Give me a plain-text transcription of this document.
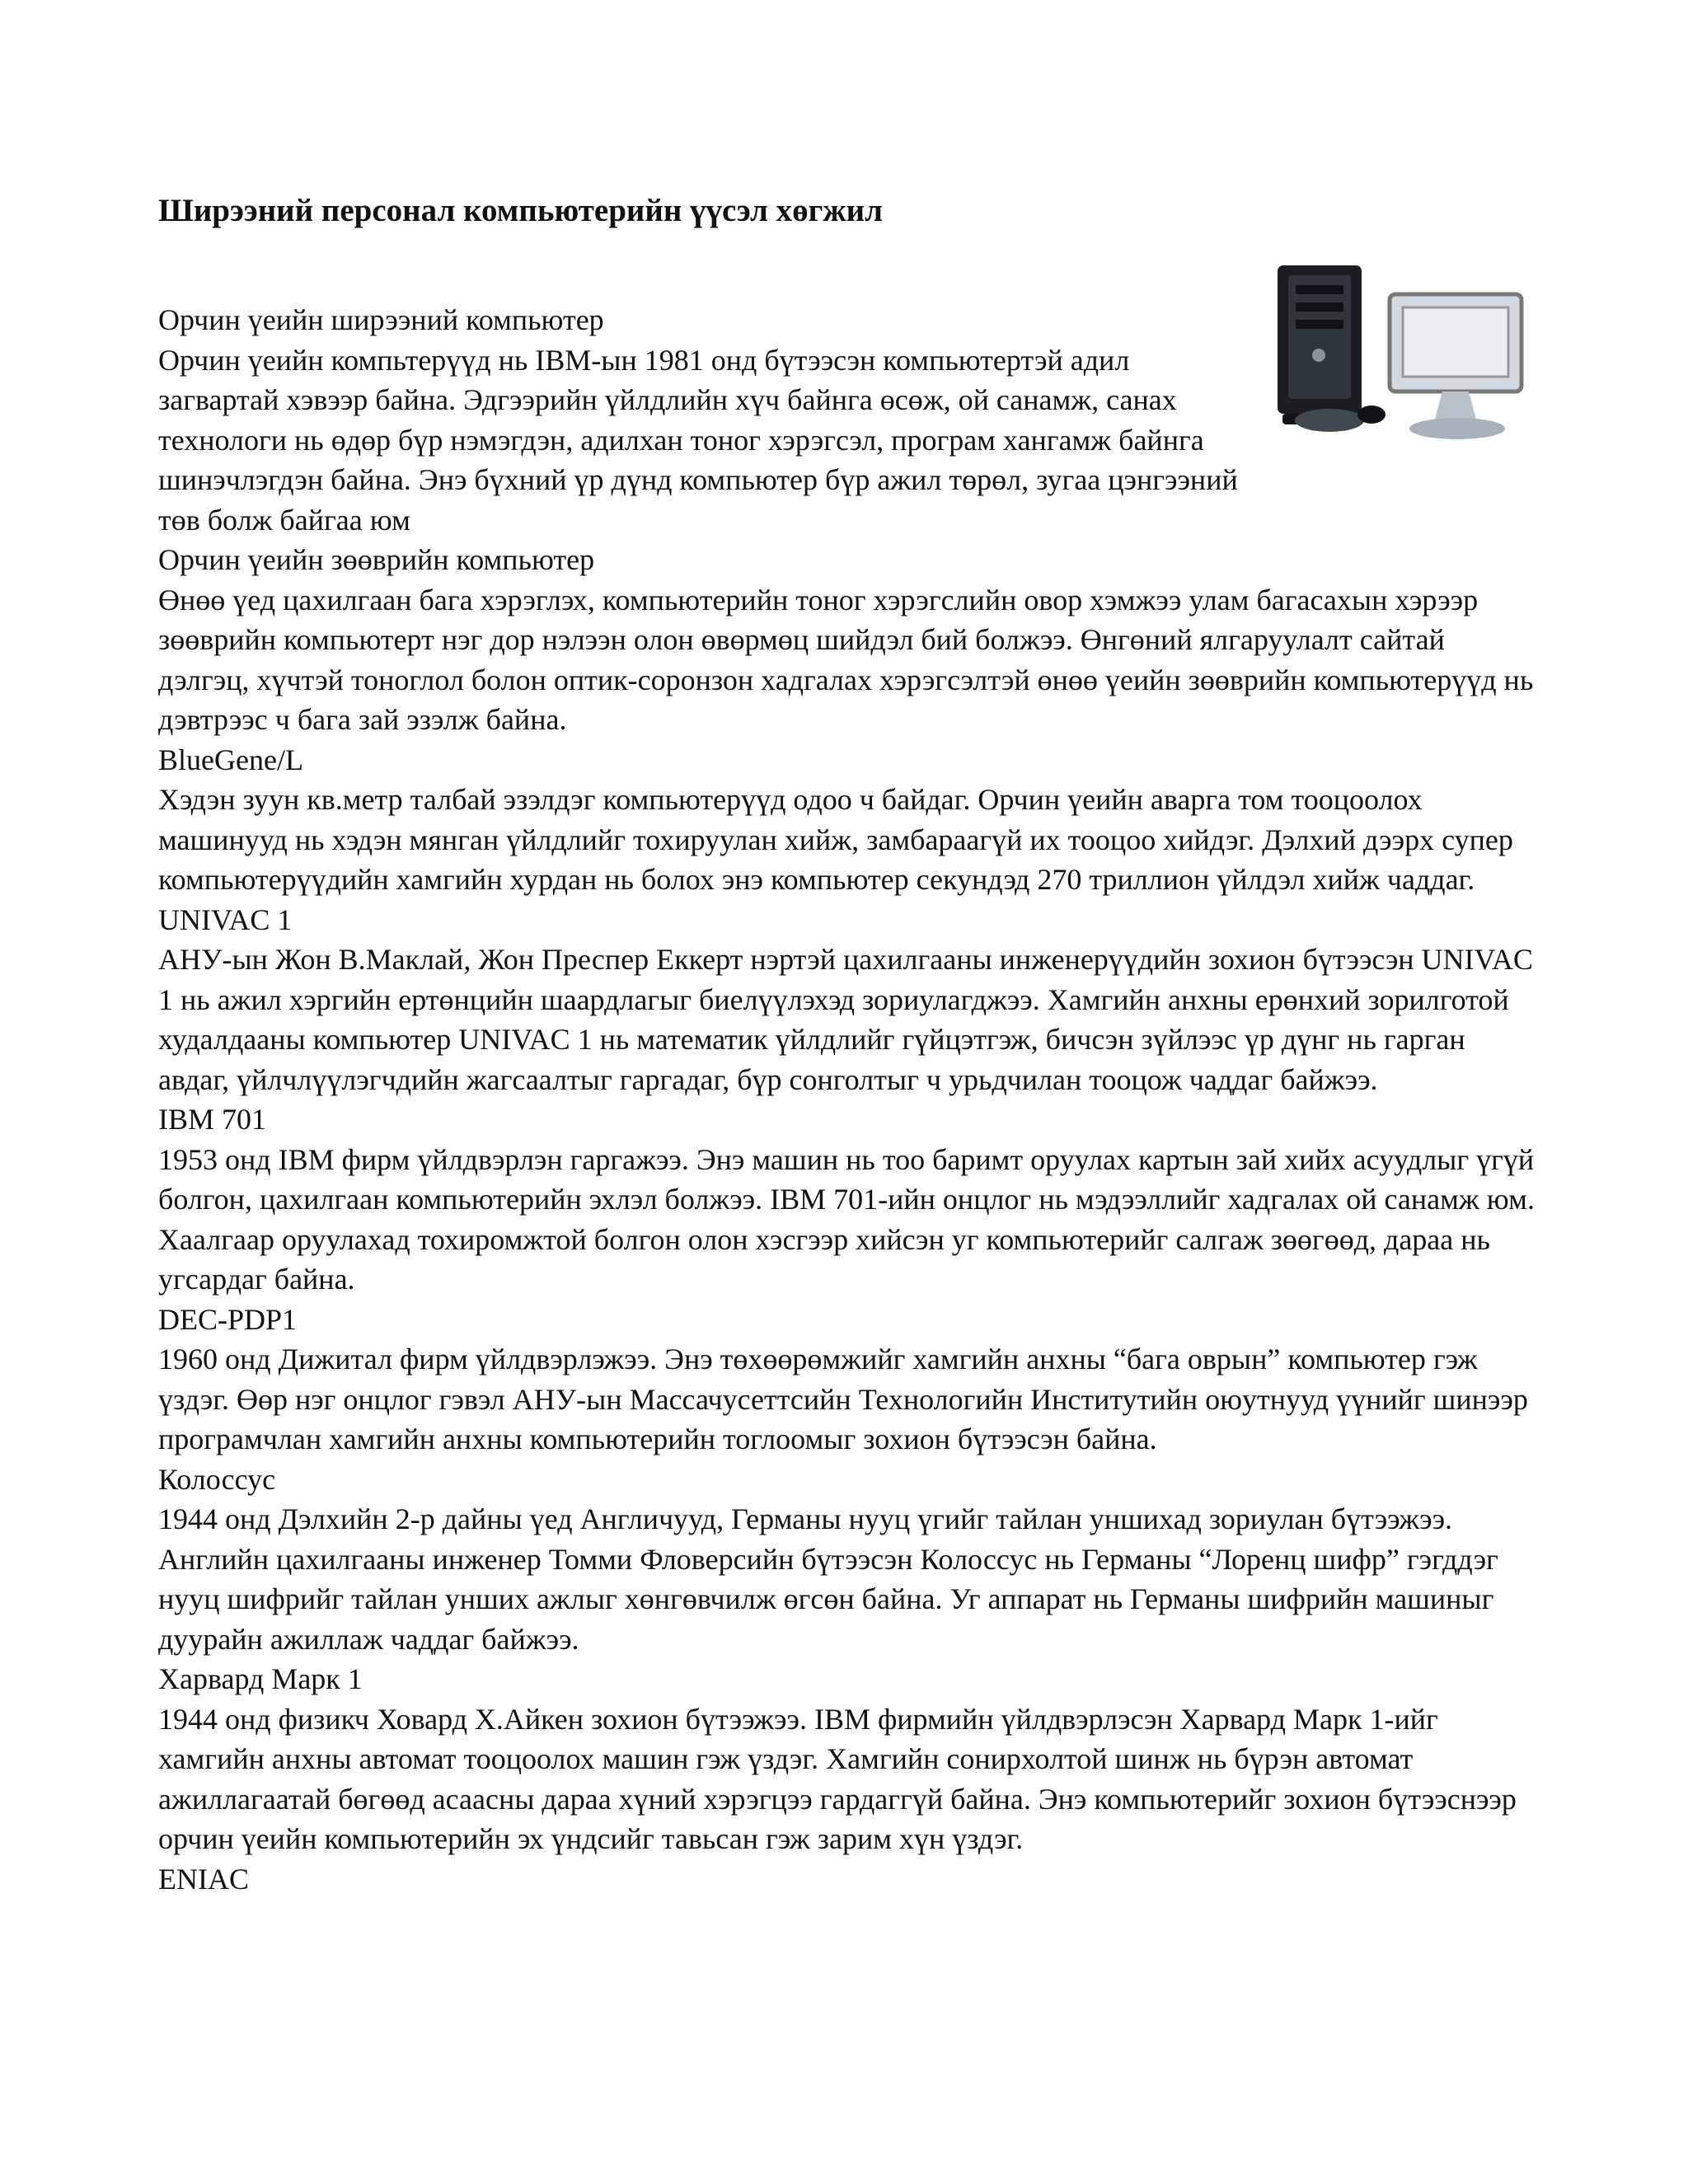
Ширээний персонал компьютерийн үүсэл хөгжил

Орчин үеийн ширээний компьютер

Орчин үеийн компьтерүүд нь IBM-ын 1981 онд бүтээсэн компьютертэй адил загвартай хэвээр байна. Эдгээрийн үйлдлийн хүч байнга өсөж, ой санамж, санах технологи нь өдөр бүр нэмэгдэн, адилхан тоног хэрэгсэл, програм хангамж байнга шинэчлэгдэн байна. Энэ бүхний үр дүнд компьютер бүр ажил төрөл, зугаа цэнгээний төв болж байгаа юм

Орчин үеийн зөөврийн компьютер

Өнөө үед цахилгаан бага хэрэглэх, компьютерийн тоног хэрэгслийн овор хэмжээ улам багасахын хэрээр зөөврийн компьютерт нэг дор нэлээн олон өвөрмөц шийдэл бий болжээ. Өнгөний ялгаруулалт сайтай дэлгэц, хүчтэй тоноглол болон оптик-соронзон хадгалах хэрэгсэлтэй өнөө үеийн зөөврийн компьютерүүд нь дэвтрээс ч бага зай эзэлж байна.

BlueGene/L

Хэдэн зуун кв.метр талбай эзэлдэг компьютерүүд одоо ч байдаг. Орчин үеийн аварга том тооцоолох машинууд нь хэдэн мянган үйлдлийг тохируулан хийж, замбараагүй их тооцоо хийдэг. Дэлхий дээрх супер компьютерүүдийн хамгийн хурдан нь болох энэ компьютер секундэд 270 триллион үйлдэл хийж чаддаг.

UNIVAC 1

АНУ-ын Жон В.Маклай, Жон Преспер Еккерт нэртэй цахилгааны инженерүүдийн зохион бүтээсэн UNIVAC 1 нь ажил хэргийн ертөнцийн шаардлагыг биелүүлэхэд зориулагджээ. Хамгийн анхны ерөнхий зорилготой худалдааны компьютер UNIVAC 1 нь математик үйлдлийг гүйцэтгэж, бичсэн зүйлээс үр дүнг нь гарган авдаг, үйлчлүүлэгчдийн жагсаалтыг гаргадаг, бүр сонголтыг ч урьдчилан тооцож чаддаг байжээ.

IBM 701

1953 онд IBM фирм үйлдвэрлэн гаргажээ. Энэ машин нь тоо баримт оруулах картын зай хийх асуудлыг үгүй болгон, цахилгаан компьютерийн эхлэл болжээ. IBM 701-ийн онцлог нь мэдээллийг хадгалах ой санамж юм. Хаалгаар оруулахад тохиромжтой болгон олон хэсгээр хийсэн уг компьютерийг салгаж зөөгөөд, дараа нь угсардаг байна.

DEC-PDP1

1960 онд Дижитал фирм үйлдвэрлэжээ. Энэ төхөөрөмжийг хамгийн анхны “бага оврын” компьютер гэж үздэг. Өөр нэг онцлог гэвэл АНУ-ын Массачусеттсийн Технологийн Институтийн оюутнууд үүнийг шинээр програмчлан хамгийн анхны компьютерийн тоглоомыг зохион бүтээсэн байна.

Колоссус

1944 онд Дэлхийн 2-р дайны үед Англичууд, Германы нууц үгийг тайлан уншихад зориулан бүтээжээ. Английн цахилгааны инженер Томми Фловерсийн бүтээсэн Колоссус нь Германы “Лоренц шифр” гэгддэг нууц шифрийг тайлан унших ажлыг хөнгөвчилж өгсөн байна. Уг аппарат нь Германы шифрийн машиныг дуурайн ажиллаж чаддаг байжээ.

Харвард Марк 1

1944 онд физикч Ховард Х.Айкен зохион бүтээжээ. IBM фирмийн үйлдвэрлэсэн Харвард Марк 1-ийг хамгийн анхны автомат тооцоолох машин гэж үздэг. Хамгийн сонирхолтой шинж нь бүрэн автомат ажиллагаатай бөгөөд асаасны дараа хүний хэрэгцээ гардаггүй байна. Энэ компьютерийг зохион бүтээснээр орчин үеийн компьютерийн эх үндсийг тавьсан гэж зарим хүн үздэг.

ENIAC
